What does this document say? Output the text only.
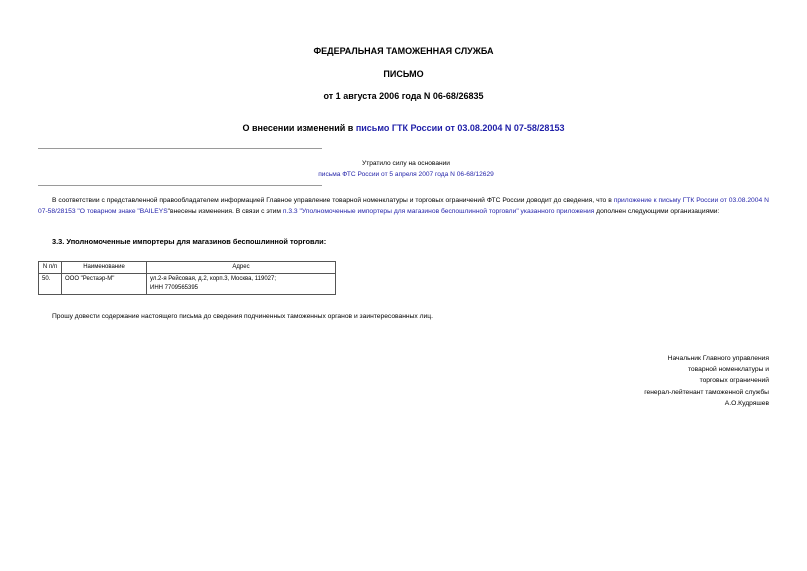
ФЕДЕРАЛЬНАЯ ТАМОЖЕННАЯ СЛУЖБА
ПИСЬМО
от 1 августа 2006 года N 06-68/26835
О внесении изменений в письмо ГТК России от 03.08.2004 N 07-58/28153
Утратило силу на основании
письма ФТС России от 5 апреля 2007 года N 06-68/12629
В соответствии с представленной правообладателем информацией Главное управление товарной номенклатуры и торговых ограничений ФТС России доводит до сведения, что в приложение к письму ГТК России от 03.08.2004 N 07-58/28153 "О товарном знаке "BAILEYS"внесены изменения. В связи с этим п.3.3 "Уполномоченные импортеры для магазинов беспошлинной торговли" указанного приложения дополнен следующими организациями:
3.3. Уполномоченные импортеры для магазинов беспошлинной торговли:
N п/п	Наименование	Адрес
50.	ООО "Рестаэр-М"	ул.2-я Рейсовая, д.2, корп.3, Москва, 119027;
ИНН 7709565395
Прошу довести содержание настоящего письма до сведения подчиненных таможенных органов и заинтересованных лиц.
Начальник Главного управления
товарной номенклатуры и
торговых ограничений
генерал-лейтенант таможенной службы
А.О.Кудряшев
